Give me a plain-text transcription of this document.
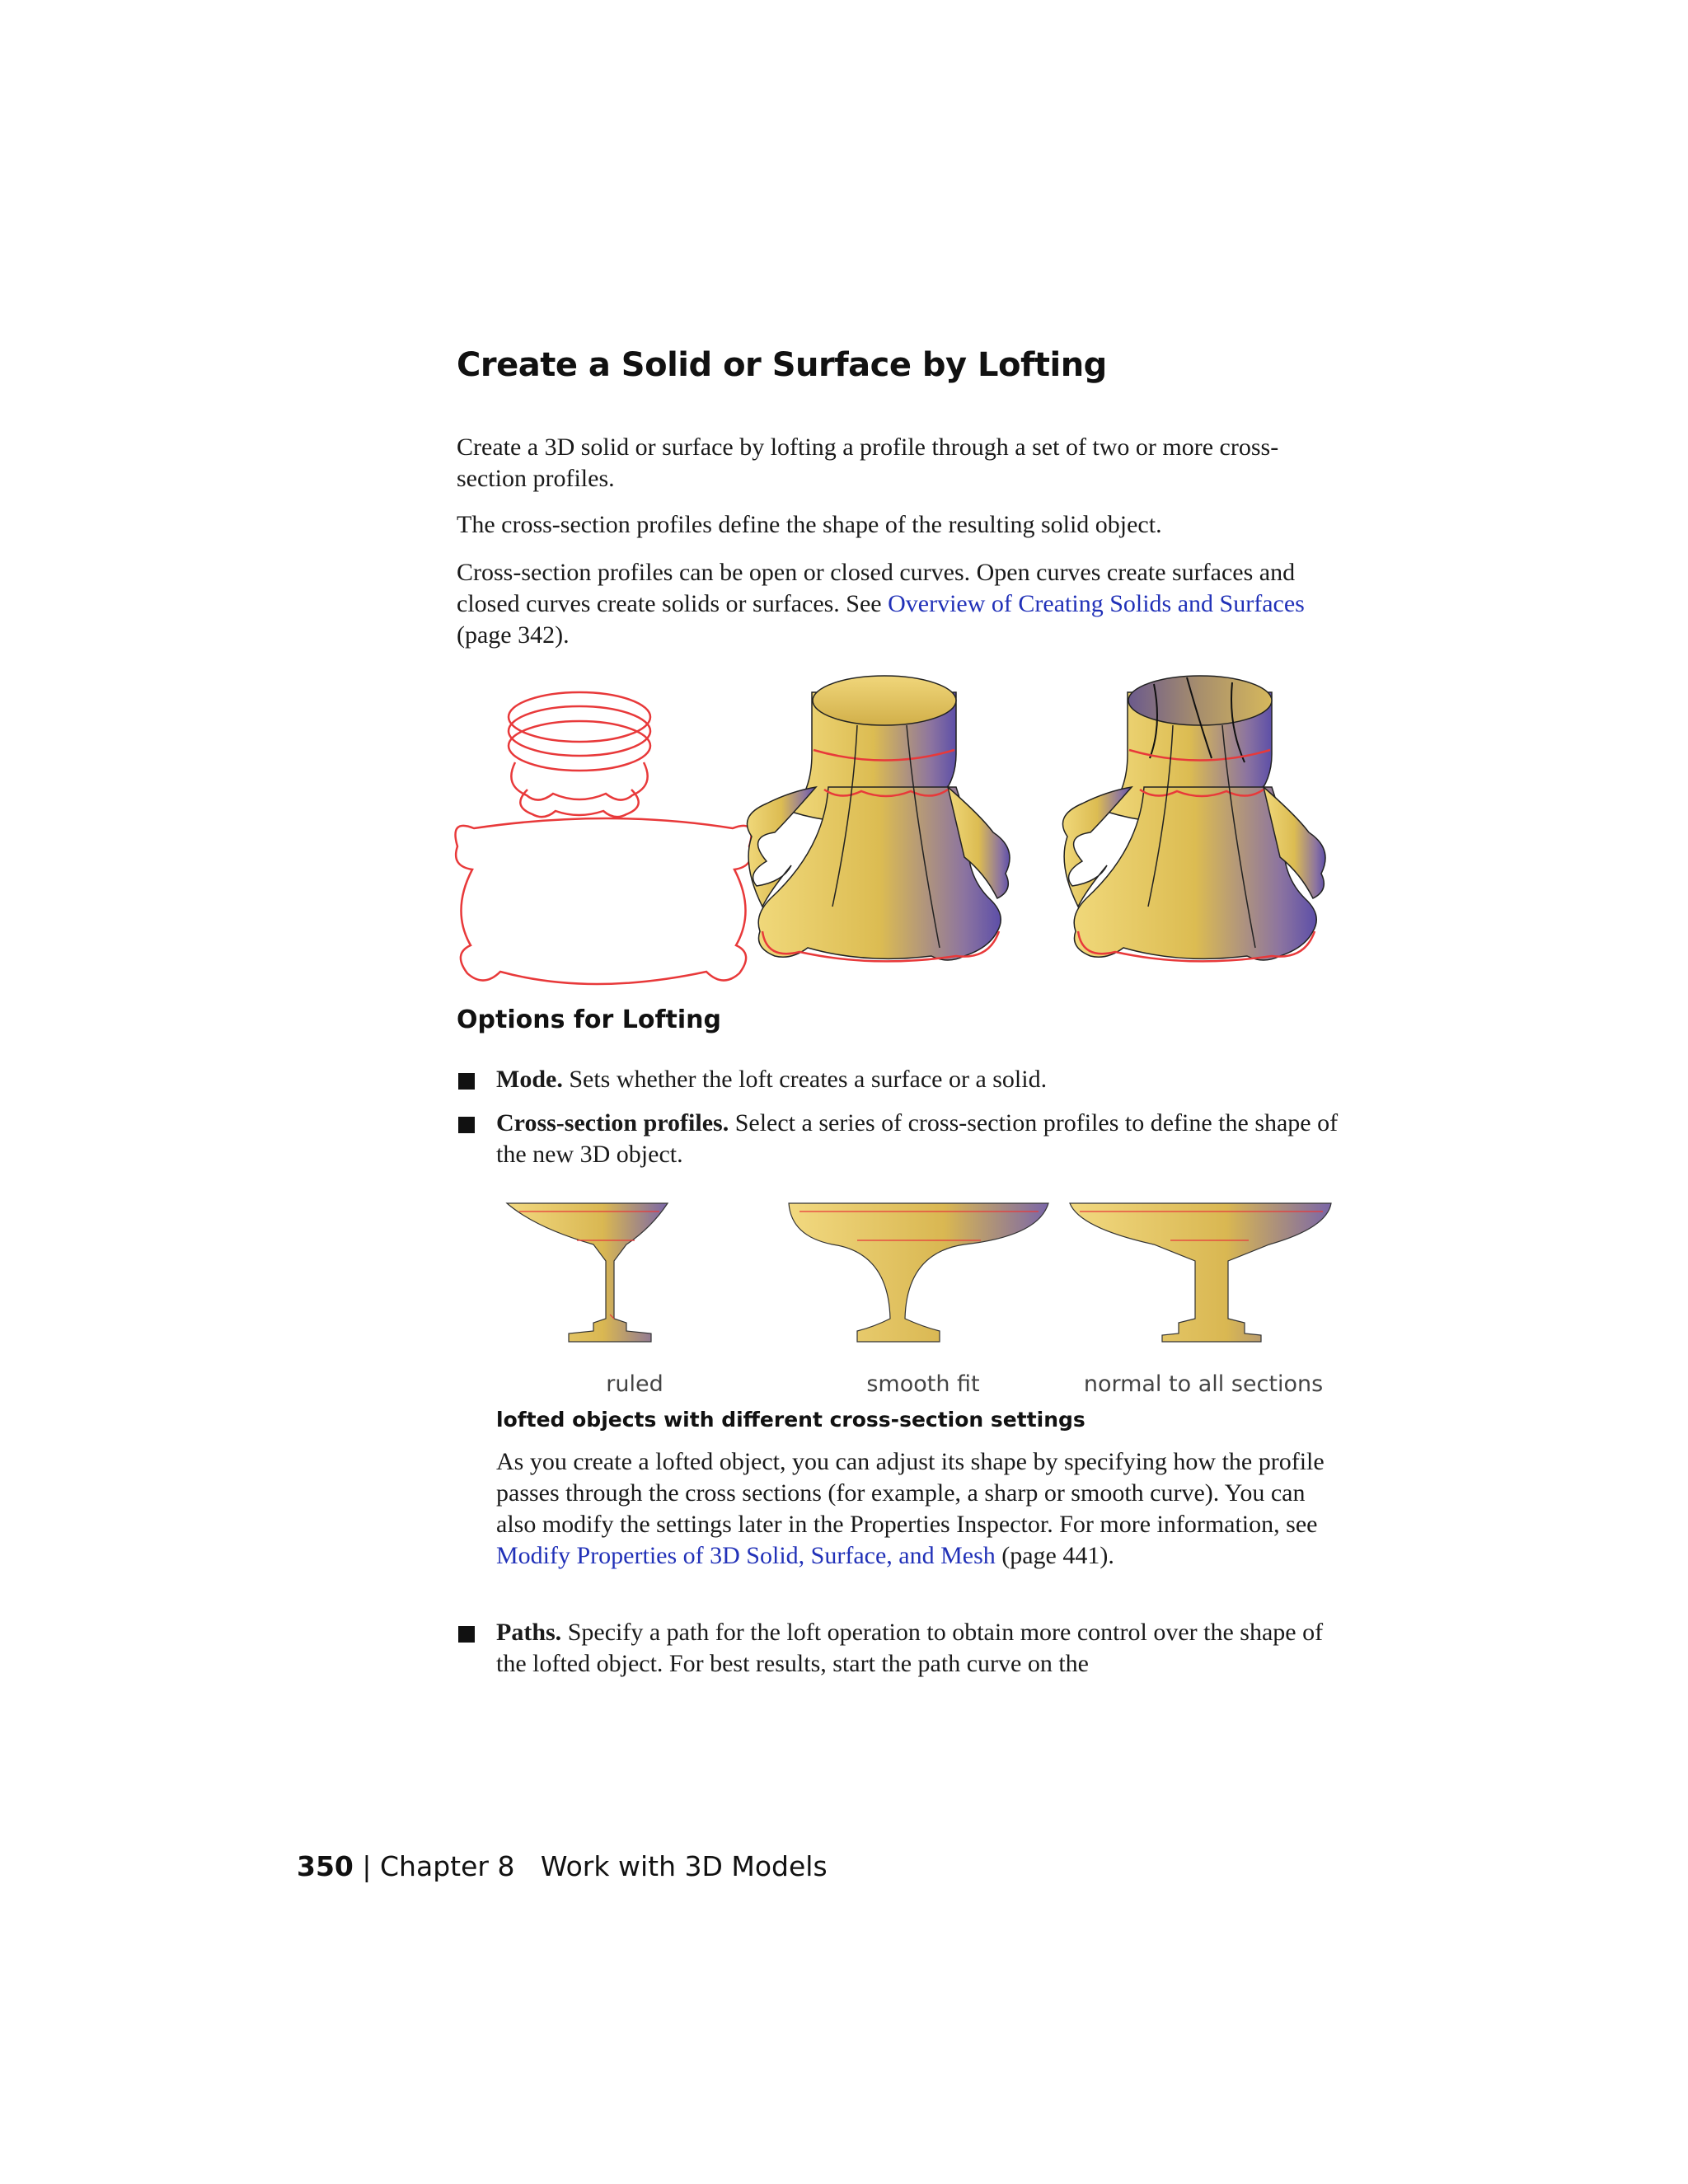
Create a Solid or Surface by Lofting

Create a 3D solid or surface by lofting a profile through a set of two or more cross-section profiles.

The cross-section profiles define the shape of the resulting solid object.

Cross-section profiles can be open or closed curves. Open curves create surfaces and closed curves create solids or surfaces. See Overview of Creating Solids and Surfaces (page 342).

Options for Lofting

Mode. Sets whether the loft creates a surface or a solid.

Cross-section profiles. Select a series of cross-section profiles to define the shape of the new 3D object.

ruled	smooth fit	normal to all sections

lofted objects with different cross-section settings

As you create a lofted object, you can adjust its shape by specifying how the profile passes through the cross sections (for example, a sharp or smooth curve). You can also modify the settings later in the Properties Inspector. For more information, see Modify Properties of 3D Solid, Surface, and Mesh (page 441).

Paths. Specify a path for the loft operation to obtain more control over the shape of the lofted object. For best results, start the path curve on the

350 | Chapter 8 Work with 3D Models
